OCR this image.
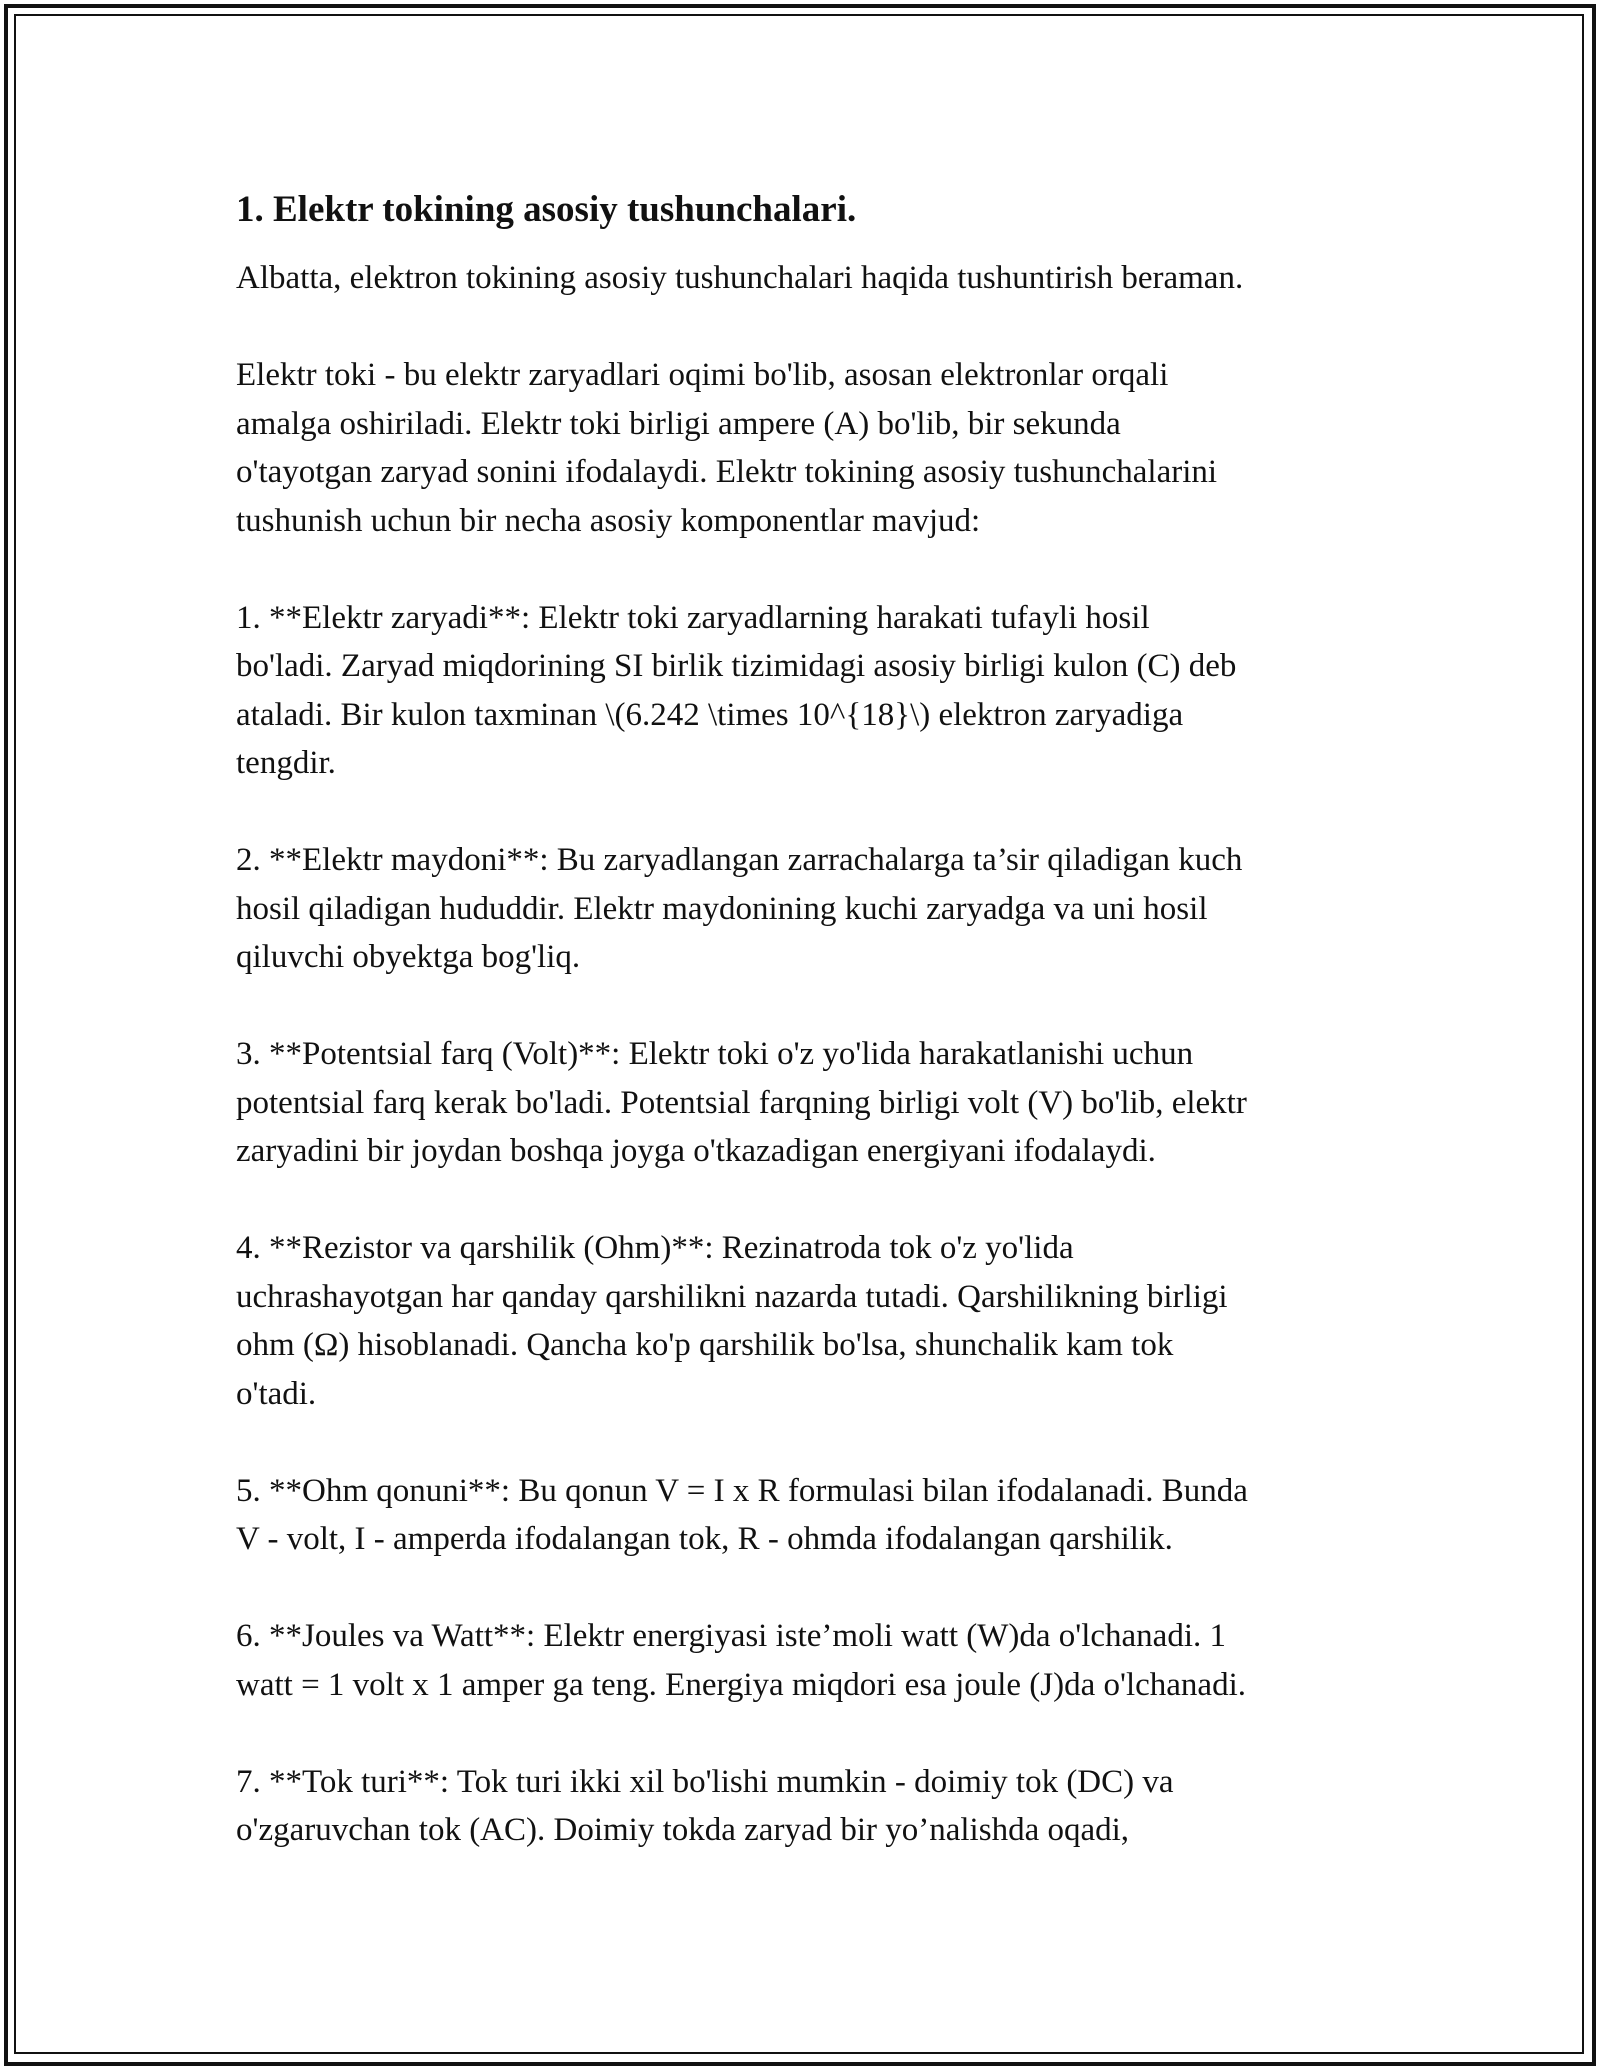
1. Elektr tokining asosiy tushunchalari.

Albatta, elektron tokining asosiy tushunchalari haqida tushuntirish beraman.

Elektr toki - bu elektr zaryadlari oqimi bo'lib, asosan elektronlar orqali
amalga oshiriladi. Elektr toki birligi ampere (A) bo'lib, bir sekunda
o'tayotgan zaryad sonini ifodalaydi. Elektr tokining asosiy tushunchalarini
tushunish uchun bir necha asosiy komponentlar mavjud:

1. **Elektr zaryadi**: Elektr toki zaryadlarning harakati tufayli hosil
bo'ladi. Zaryad miqdorining SI birlik tizimidagi asosiy birligi kulon (C) deb
ataladi. Bir kulon taxminan \(6.242 \times 10^{18}\) elektron zaryadiga
tengdir.

2. **Elektr maydoni**: Bu zaryadlangan zarrachalarga ta’sir qiladigan kuch
hosil qiladigan hududdir. Elektr maydonining kuchi zaryadga va uni hosil
qiluvchi obyektga bog'liq.

3. **Potentsial farq (Volt)**: Elektr toki o'z yo'lida harakatlanishi uchun
potentsial farq kerak bo'ladi. Potentsial farqning birligi volt (V) bo'lib, elektr
zaryadini bir joydan boshqa joyga o'tkazadigan energiyani ifodalaydi.

4. **Rezistor va qarshilik (Ohm)**: Rezinatroda tok o'z yo'lida
uchrashayotgan har qanday qarshilikni nazarda tutadi. Qarshilikning birligi
ohm (Ω) hisoblanadi. Qancha ko'p qarshilik bo'lsa, shunchalik kam tok
o'tadi.

5. **Ohm qonuni**: Bu qonun V = I x R formulasi bilan ifodalanadi. Bunda
V - volt, I - amperda ifodalangan tok, R - ohmda ifodalangan qarshilik.

6. **Joules va Watt**: Elektr energiyasi iste’moli watt (W)da o'lchanadi. 1
watt = 1 volt x 1 amper ga teng. Energiya miqdori esa joule (J)da o'lchanadi.

7. **Tok turi**: Tok turi ikki xil bo'lishi mumkin - doimiy tok (DC) va
o'zgaruvchan tok (AC). Doimiy tokda zaryad bir yo’nalishda oqadi,
